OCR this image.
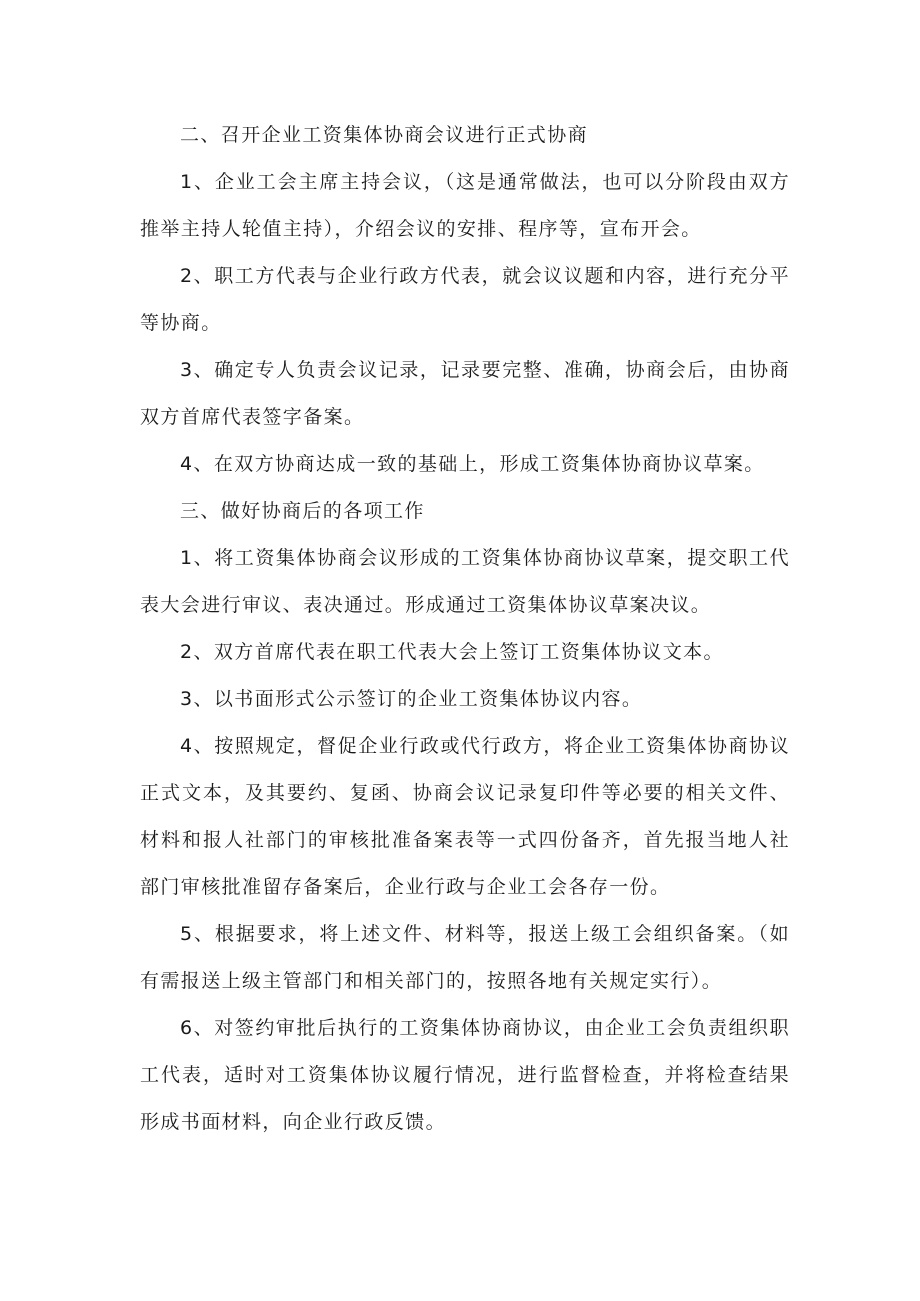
二、召开企业工资集体协商会议进行正式协商

1、企业工会主席主持会议，（这是通常做法，也可以分阶段由双方推举主持人轮值主持），介绍会议的安排、程序等，宣布开会。

2、职工方代表与企业行政方代表，就会议议题和内容，进行充分平等协商。

3、确定专人负责会议记录，记录要完整、准确，协商会后，由协商双方首席代表签字备案。

4、在双方协商达成一致的基础上，形成工资集体协商协议草案。

三、做好协商后的各项工作

1、将工资集体协商会议形成的工资集体协商协议草案，提交职工代表大会进行审议、表决通过。形成通过工资集体协议草案决议。

2、双方首席代表在职工代表大会上签订工资集体协议文本。

3、以书面形式公示签订的企业工资集体协议内容。

4、按照规定，督促企业行政或代行政方，将企业工资集体协商协议正式文本，及其要约、复函、协商会议记录复印件等必要的相关文件、材料和报人社部门的审核批准备案表等一式四份备齐，首先报当地人社部门审核批准留存备案后，企业行政与企业工会各存一份。

5、根据要求，将上述文件、材料等，报送上级工会组织备案。（如有需报送上级主管部门和相关部门的，按照各地有关规定实行）。

6、对签约审批后执行的工资集体协商协议，由企业工会负责组织职工代表，适时对工资集体协议履行情况，进行监督检查，并将检查结果形成书面材料，向企业行政反馈。
